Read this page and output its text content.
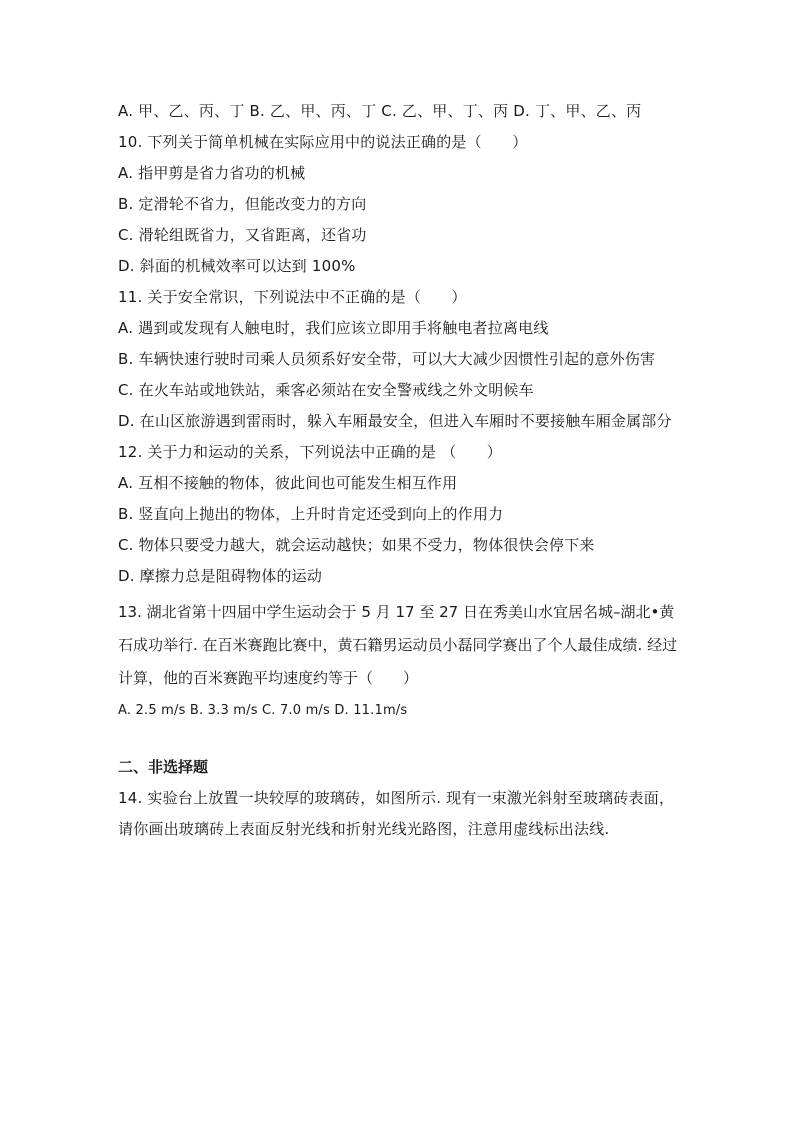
A. 甲、乙、丙、丁 B. 乙、甲、丙、丁 C. 乙、甲、丁、丙 D. 丁、甲、乙、丙
10. 下列关于简单机械在实际应用中的说法正确的是（　　）
A. 指甲剪是省力省功的机械
B. 定滑轮不省力，但能改变力的方向
C. 滑轮组既省力，又省距离，还省功
D. 斜面的机械效率可以达到 100%
11. 关于安全常识，下列说法中不正确的是（　　）
A. 遇到或发现有人触电时，我们应该立即用手将触电者拉离电线
B. 车辆快速行驶时司乘人员须系好安全带，可以大大减少因惯性引起的意外伤害
C. 在火车站或地铁站，乘客必须站在安全警戒线之外文明候车
D. 在山区旅游遇到雷雨时，躲入车厢最安全，但进入车厢时不要接触车厢金属部分
12. 关于力和运动的关系，下列说法中正确的是 （　　）
A. 互相不接触的物体，彼此间也可能发生相互作用
B. 竖直向上抛出的物体，上升时肯定还受到向上的作用力
C. 物体只要受力越大，就会运动越快；如果不受力，物体很快会停下来
D. 摩擦力总是阻碍物体的运动
13. 湖北省第十四届中学生运动会于 5 月 17 至 27 日在秀美山水宜居名城–湖北•黄石成功举行. 在百米赛跑比赛中，黄石籍男运动员小磊同学赛出了个人最佳成绩. 经过计算，他的百米赛跑平均速度约等于（　　）
A. 2.5 m/s B. 3.3 m/s C. 7.0 m/s D. 11.1m/s
二、非选择题
14. 实验台上放置一块较厚的玻璃砖，如图所示. 现有一束激光斜射至玻璃砖表面，请你画出玻璃砖上表面反射光线和折射光线光路图，注意用虚线标出法线.
